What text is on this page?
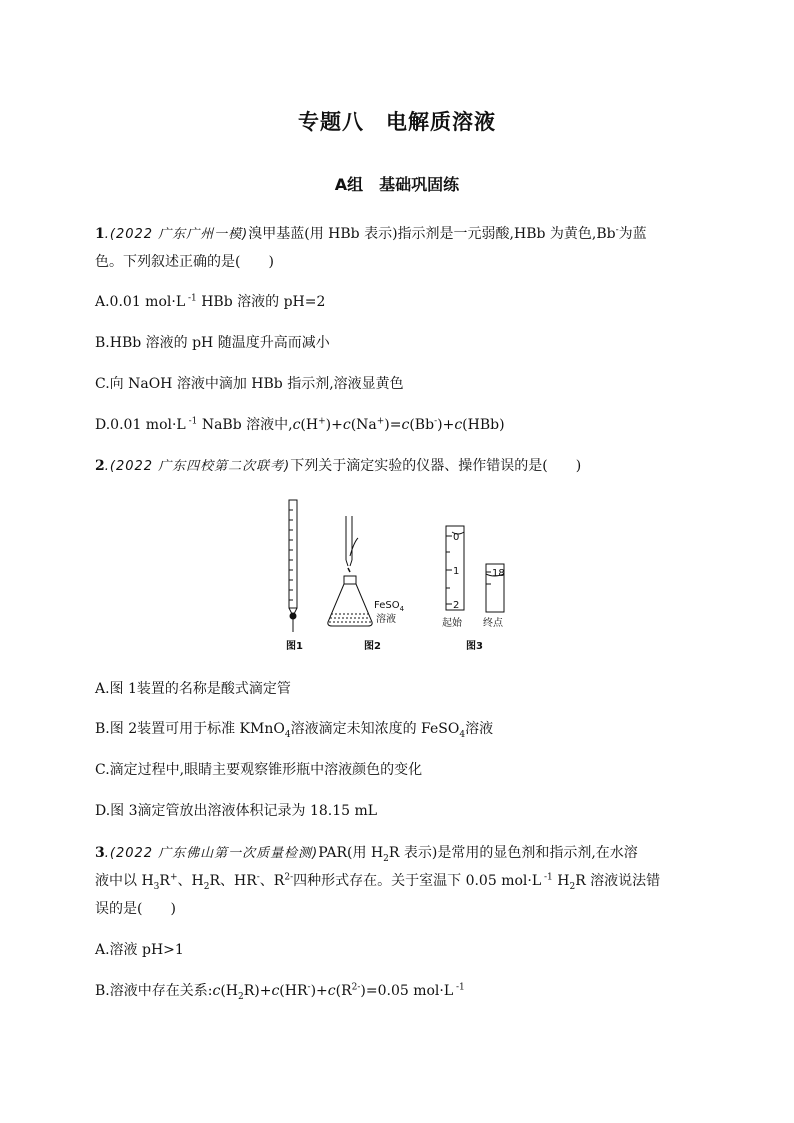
专题八　电解质溶液
A组　基础巩固练
1.(2022 广东广州一模)溴甲基蓝(用 HBb 表示)指示剂是一元弱酸,HBb 为黄色,Bb-为蓝
色。下列叙述正确的是(　　)
A.0.01 mol·L $^{-1}$ HBb 溶液的 pH=2
B.HBb 溶液的 pH 随温度升高而减小
C.向 NaOH 溶液中滴加 HBb 指示剂,溶液显黄色
D.0.01 mol·L $^{-1}$ NaBb 溶液中,c(H+)+c(Na+)=c(Bb-)+c(HBb)
2.(2022 广东四校第二次联考)下列关于滴定实验的仪器、操作错误的是(　　)
FeSO$_4$
溶液
0
1
2
18
起始 终点
图1	图2	图3
A.图 1装置的名称是酸式滴定管
B.图 2装置可用于标准 KMnO$_4$溶液滴定未知浓度的 FeSO$_4$溶液
C.滴定过程中,眼睛主要观察锥形瓶中溶液颜色的变化
D.图 3滴定管放出溶液体积记录为 18.15 mL
3.(2022 广东佛山第一次质量检测)PAR(用 $H_2R$ 表示)是常用的显色剂和指示剂,在水溶
液中以 $H_3R^+$、$H_2R$、HR-、$R^{2-}$四种形式存在。关于室温下 0.05 mol·L $^{-1}$ $H_2R$ 溶液说法错
误的是(　　)
A.溶液 pH>1
B.溶液中存在关系$:c(H_2R)+c(HR^-)+c(R^{2-})=0.05$ mol·L $^{-1}$
